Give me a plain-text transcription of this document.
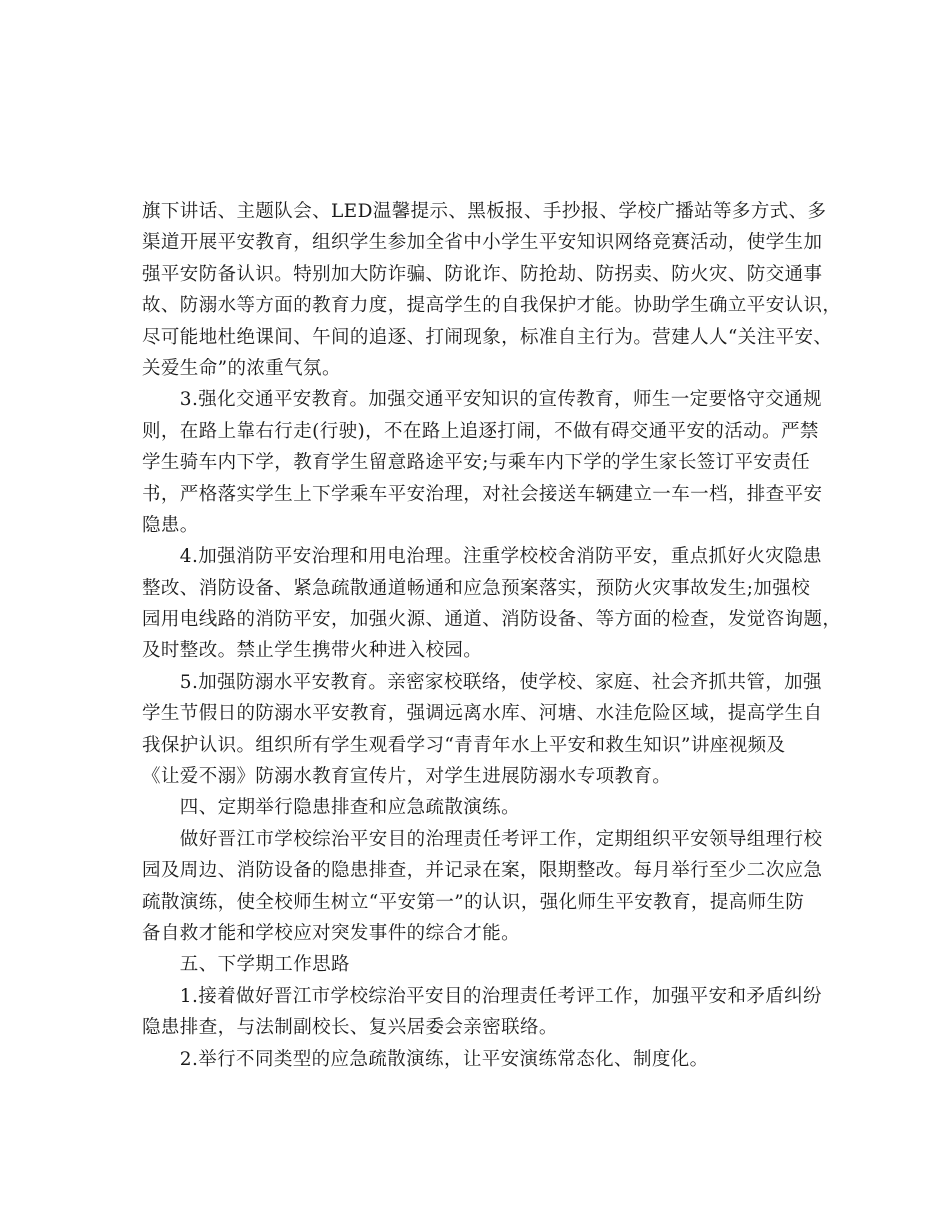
旗下讲话、主题队会、LED温馨提示、黑板报、手抄报、学校广播站等多方式、多
渠道开展平安教育，组织学生参加全省中小学生平安知识网络竞赛活动，使学生加
强平安防备认识。特别加大防诈骗、防讹诈、防抢劫、防拐卖、防火灾、防交通事
故、防溺水等方面的教育力度，提高学生的自我保护才能。协助学生确立平安认识，
尽可能地杜绝课间、午间的追逐、打闹现象，标准自主行为。营建人人“关注平安、
关爱生命”的浓重气氛。
　　3.强化交通平安教育。加强交通平安知识的宣传教育，师生一定要恪守交通规
则，在路上靠右行走(行驶)，不在路上追逐打闹，不做有碍交通平安的活动。严禁
学生骑车内下学，教育学生留意路途平安;与乘车内下学的学生家长签订平安责任
书，严格落实学生上下学乘车平安治理，对社会接送车辆建立一车一档，排查平安
隐患。
　　4.加强消防平安治理和用电治理。注重学校校舍消防平安，重点抓好火灾隐患
整改、消防设备、紧急疏散通道畅通和应急预案落实，预防火灾事故发生;加强校
园用电线路的消防平安，加强火源、通道、消防设备、等方面的检查，发觉咨询题，
及时整改。禁止学生携带火种进入校园。
　　5.加强防溺水平安教育。亲密家校联络，使学校、家庭、社会齐抓共管，加强
学生节假日的防溺水平安教育，强调远离水库、河塘、水洼危险区域，提高学生自
我保护认识。组织所有学生观看学习“青青年水上平安和救生知识”讲座视频及
《让爱不溺》防溺水教育宣传片，对学生进展防溺水专项教育。
　　四、定期举行隐患排查和应急疏散演练。
　　做好晋江市学校综治平安目的治理责任考评工作，定期组织平安领导组理行校
园及周边、消防设备的隐患排查，并记录在案，限期整改。每月举行至少二次应急
疏散演练，使全校师生树立“平安第一”的认识，强化师生平安教育，提高师生防
备自救才能和学校应对突发事件的综合才能。
　　五、下学期工作思路
　　1.接着做好晋江市学校综治平安目的治理责任考评工作，加强平安和矛盾纠纷
隐患排查，与法制副校长、复兴居委会亲密联络。
　　2.举行不同类型的应急疏散演练，让平安演练常态化、制度化。
